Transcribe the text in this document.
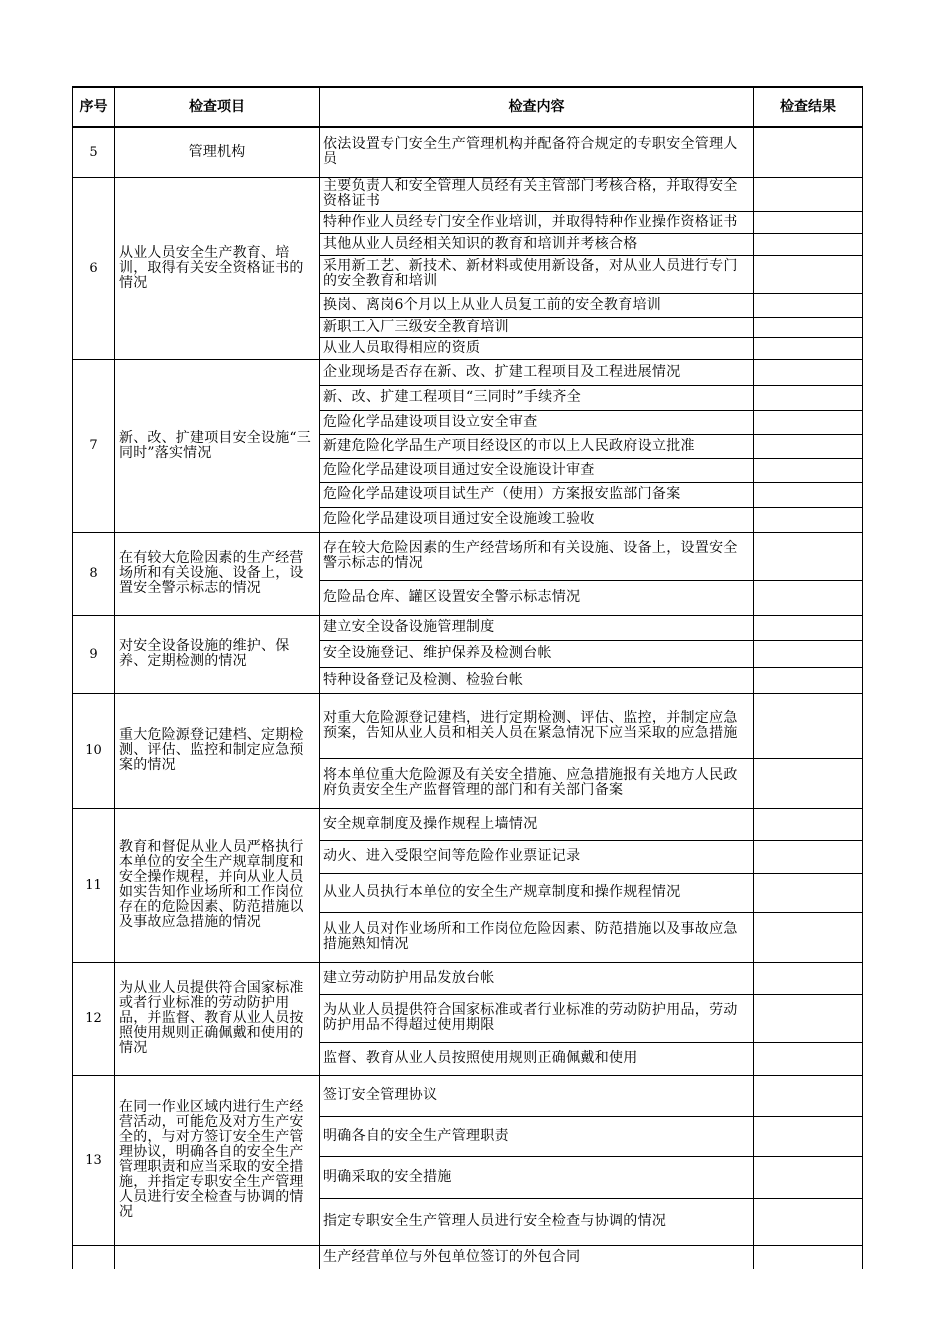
序号	检查项目	检查内容	检查结果
5	管理机构	依法设置专门安全生产管理机构并配备符合规定的专职安全管理人员	
6	从业人员安全生产教育、培训，取得有关安全资格证书的情况	主要负责人和安全管理人员经有关主管部门考核合格，并取得安全资格证书	
		特种作业人员经专门安全作业培训，并取得特种作业操作资格证书	
		其他从业人员经相关知识的教育和培训并考核合格	
		采用新工艺、新技术、新材料或使用新设备，对从业人员进行专门的安全教育和培训	
		换岗、离岗6个月以上从业人员复工前的安全教育培训	
		新职工入厂三级安全教育培训	
		从业人员取得相应的资质	
7	新、改、扩建项目安全设施“三同时”落实情况	企业现场是否存在新、改、扩建工程项目及工程进展情况	
		新、改、扩建工程项目“三同时”手续齐全	
		危险化学品建设项目设立安全审查	
		新建危险化学品生产项目经设区的市以上人民政府设立批准	
		危险化学品建设项目通过安全设施设计审查	
		危险化学品建设项目试生产（使用）方案报安监部门备案	
		危险化学品建设项目通过安全设施竣工验收	
8	在有较大危险因素的生产经营场所和有关设施、设备上，设置安全警示标志的情况	存在较大危险因素的生产经营场所和有关设施、设备上，设置安全警示标志的情况	
		危险品仓库、罐区设置安全警示标志情况	
9	对安全设备设施的维护、保养、定期检测的情况	建立安全设备设施管理制度	
		安全设施登记、维护保养及检测台帐	
		特种设备登记及检测、检验台帐	
10	重大危险源登记建档、定期检测、评估、监控和制定应急预案的情况	对重大危险源登记建档，进行定期检测、评估、监控，并制定应急预案，告知从业人员和相关人员在紧急情况下应当采取的应急措施	
		将本单位重大危险源及有关安全措施、应急措施报有关地方人民政府负责安全生产监督管理的部门和有关部门备案	
11	教育和督促从业人员严格执行本单位的安全生产规章制度和安全操作规程，并向从业人员如实告知作业场所和工作岗位存在的危险因素、防范措施以及事故应急措施的情况	安全规章制度及操作规程上墙情况	
		动火、进入受限空间等危险作业票证记录	
		从业人员执行本单位的安全生产规章制度和操作规程情况	
		从业人员对作业场所和工作岗位危险因素、防范措施以及事故应急措施熟知情况	
12	为从业人员提供符合国家标准或者行业标准的劳动防护用品，并监督、教育从业人员按照使用规则正确佩戴和使用的情况	建立劳动防护用品发放台帐	
		为从业人员提供符合国家标准或者行业标准的劳动防护用品，劳动防护用品不得超过使用期限	
		监督、教育从业人员按照使用规则正确佩戴和使用	
13	在同一作业区域内进行生产经营活动，可能危及对方生产安全的，与对方签订安全生产管理协议，明确各自的安全生产管理职责和应当采取的安全措施，并指定专职安全生产管理人员进行安全检查与协调的情况	签订安全管理协议	
		明确各自的安全生产管理职责	
		明确采取的安全措施	
		指定专职安全生产管理人员进行安全检查与协调的情况	
		生产经营单位与外包单位签订的外包合同	
